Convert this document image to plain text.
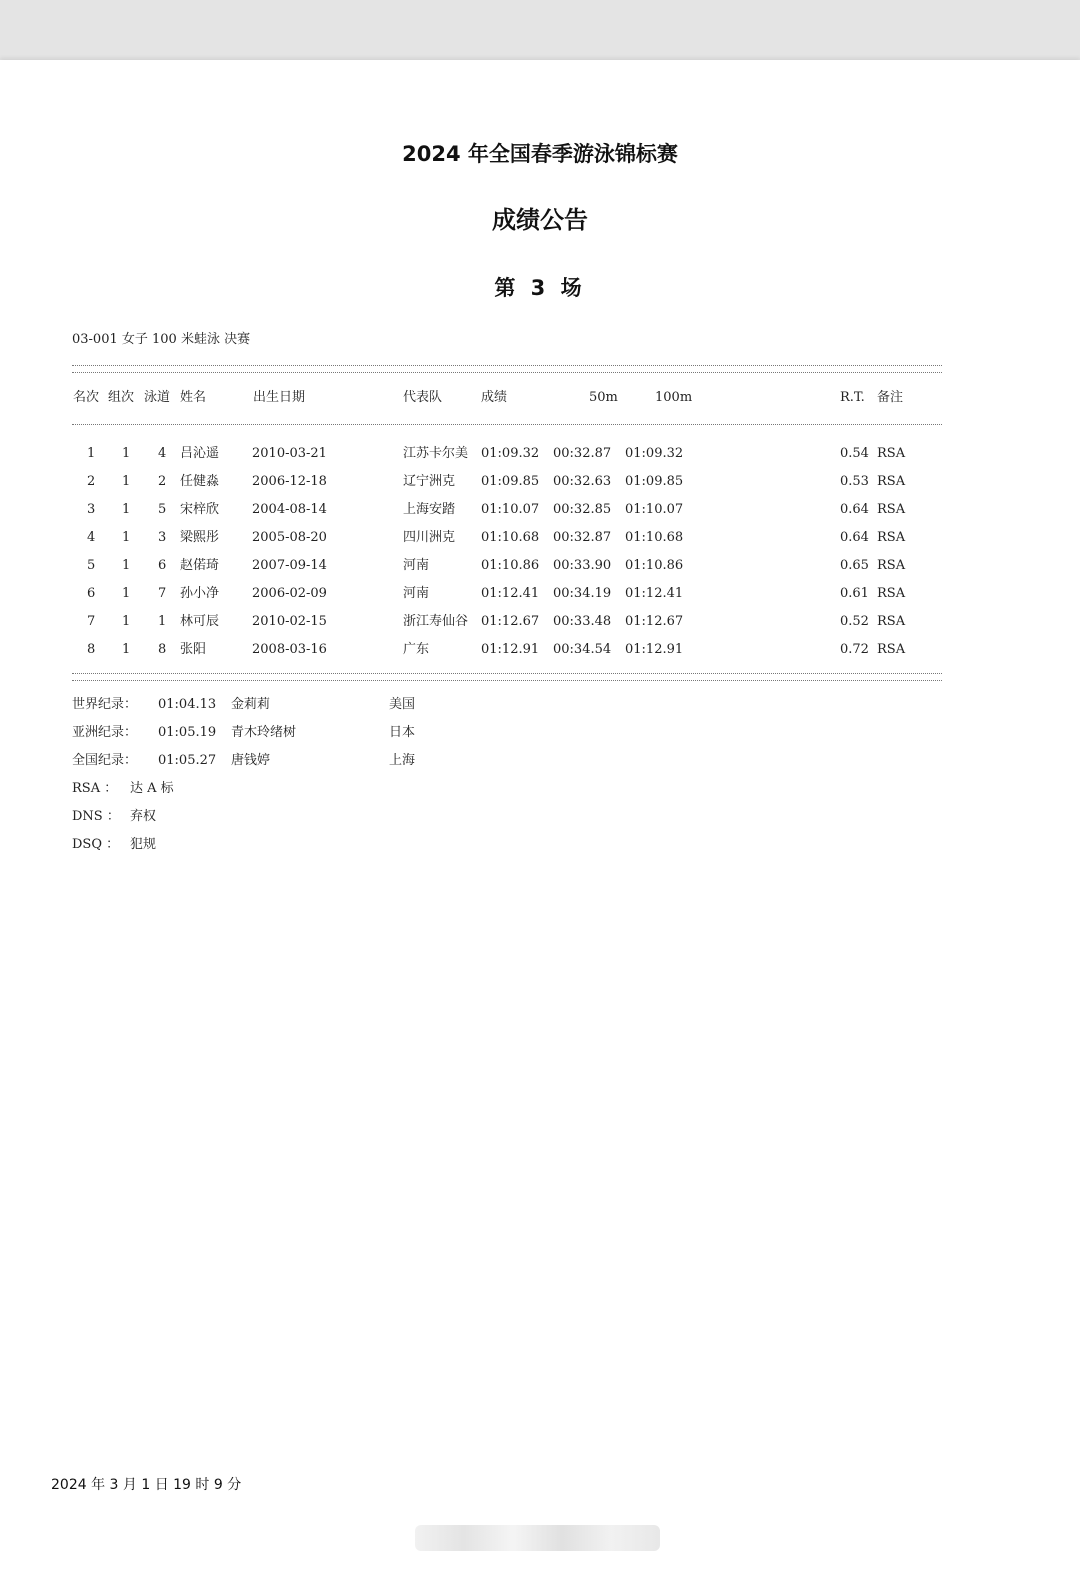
2024 年全国春季游泳锦标赛
成绩公告
第 3 场
03-001 女子 100 米蛙泳 决赛
名次 组次 泳道 姓名	出生日期	代表队	成绩	50m	100m	R.T. 备注
1 1 4 吕沁遥	2010-03-21	江苏卡尔美 01:09.32 00:32.87 01:09.32	0.54 RSA
2 1 2 任健淼	2006-12-18	辽宁洲克 01:09.85 00:32.63 01:09.85	0.53 RSA
3 1 5 宋梓欣	2004-08-14	上海安踏 01:10.07 00:32.85 01:10.07	0.64 RSA
4 1 3 梁熙彤	2005-08-20	四川洲克 01:10.68 00:32.87 01:10.68	0.64 RSA
5 1 6 赵偌琦	2007-09-14	河南	01:10.86 00:33.90 01:10.86	0.65 RSA
6 1 7 孙小净	2006-02-09	河南	01:12.41 00:34.19 01:12.41	0.61 RSA
7 1 1 林可辰	2010-02-15	浙江寿仙谷 01:12.67 00:33.48 01:12.67	0.52 RSA
8 1 8 张阳	2008-03-16	广东	01:12.91 00:34.54 01:12.91	0.72 RSA
世界纪录： 01:04.13 金莉莉	美国
亚洲纪录： 01:05.19 青木玲绪树	日本
全国纪录： 01:05.27 唐钱婷	上海
RSA ： 达 A 标
DNS ： 弃权
DSQ ： 犯规
2024 年 3 月 1 日 19 时 9 分
